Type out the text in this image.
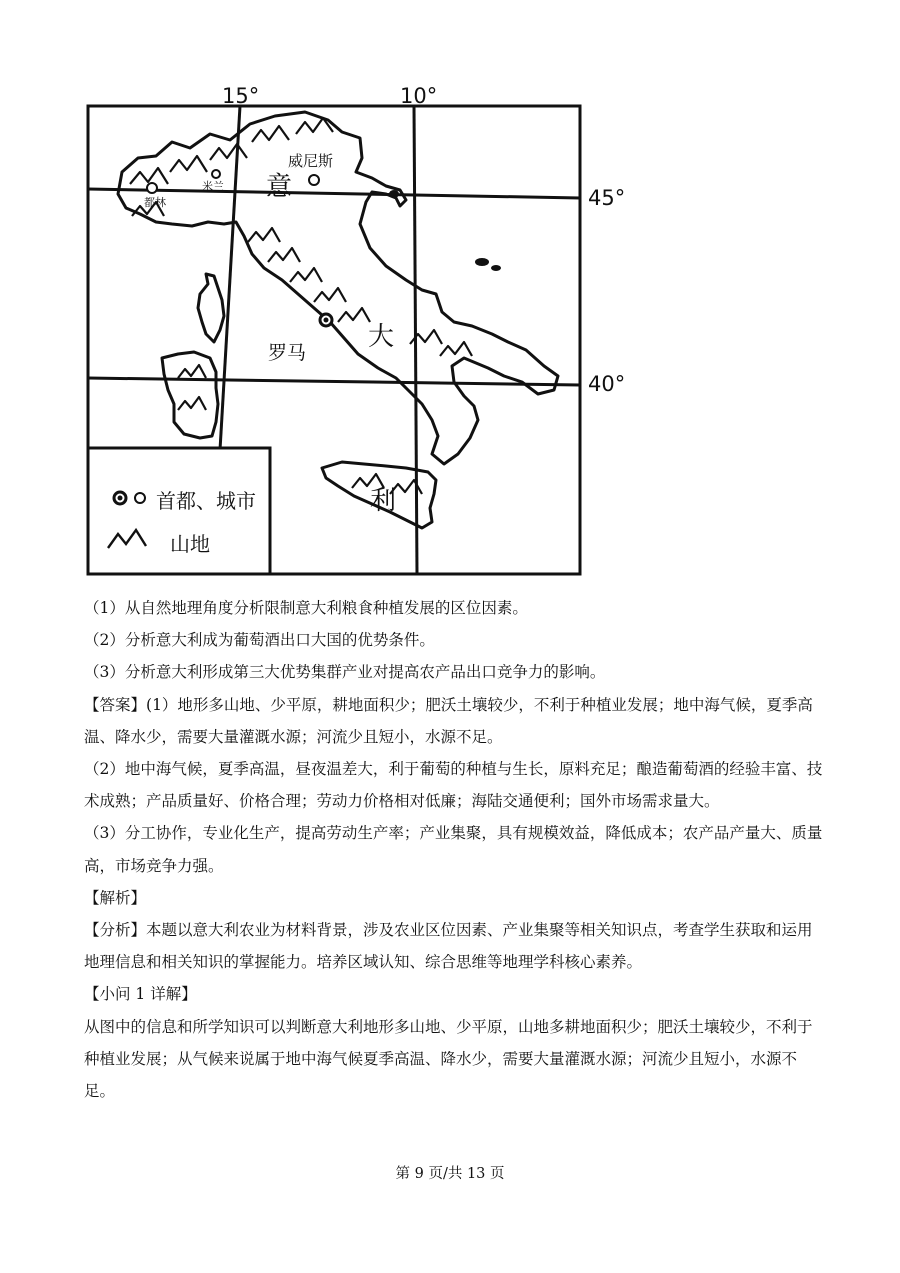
15°	10°
45°
威尼斯
米兰
都林
罗马
意
大
利
首都、城市
山地
40°

（1）从自然地理角度分析限制意大利粮食种植发展的区位因素。

（2）分析意大利成为葡萄酒出口大国的优势条件。

（3）分析意大利形成第三大优势集群产业对提高农产品出口竞争力的影响。

【答案】(1）地形多山地、少平原，耕地面积少；肥沃土壤较少，不利于种植业发展；地中海气候，夏季高温、降水少，需要大量灌溉水源；河流少且短小，水源不足。

（2）地中海气候，夏季高温，昼夜温差大，利于葡萄的种植与生长，原料充足；酿造葡萄酒的经验丰富、技术成熟；产品质量好、价格合理；劳动力价格相对低廉；海陆交通便利；国外市场需求量大。

（3）分工协作，专业化生产，提高劳动生产率；产业集聚，具有规模效益，降低成本；农产品产量大、质量高，市场竞争力强。

【解析】

【分析】本题以意大利农业为材料背景，涉及农业区位因素、产业集聚等相关知识点，考查学生获取和运用地理信息和相关知识的掌握能力。培养区域认知、综合思维等地理学科核心素养。

【小问 1 详解】

从图中的信息和所学知识可以判断意大利地形多山地、少平原，山地多耕地面积少；肥沃土壤较少，不利于种植业发展；从气候来说属于地中海气候夏季高温、降水少，需要大量灌溉水源；河流少且短小，水源不足。

第 9 页/共 13 页
